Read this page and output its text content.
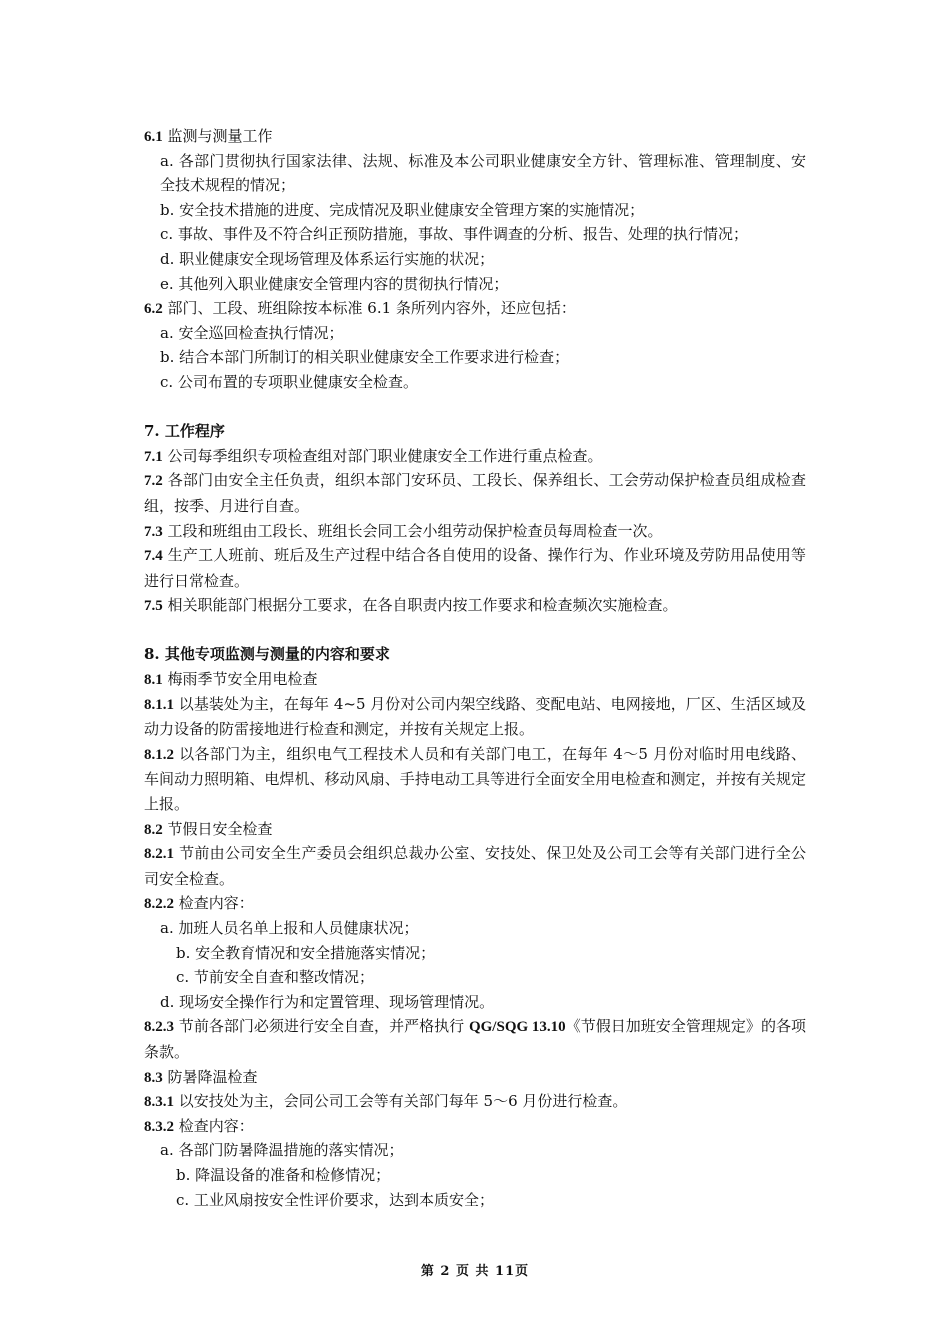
6.1 监测与测量工作
a. 各部门贯彻执行国家法律、法规、标准及本公司职业健康安全方针、管理标准、管理制度、安全技术规程的情况；
b. 安全技术措施的进度、完成情况及职业健康安全管理方案的实施情况；
c. 事故、事件及不符合纠正预防措施，事故、事件调查的分析、报告、处理的执行情况；
d. 职业健康安全现场管理及体系运行实施的状况；
e. 其他列入职业健康安全管理内容的贯彻执行情况；
6.2 部门、工段、班组除按本标准 6.1 条所列内容外，还应包括：
a. 安全巡回检查执行情况；
b. 结合本部门所制订的相关职业健康安全工作要求进行检查；
c. 公司布置的专项职业健康安全检查。
7. 工作程序
7.1 公司每季组织专项检查组对部门职业健康安全工作进行重点检查。
7.2 各部门由安全主任负责，组织本部门安环员、工段长、保养组长、工会劳动保护检查员组成检查组，按季、月进行自查。
7.3 工段和班组由工段长、班组长会同工会小组劳动保护检查员每周检查一次。
7.4 生产工人班前、班后及生产过程中结合各自使用的设备、操作行为、作业环境及劳防用品使用等进行日常检查。
7.5 相关职能部门根据分工要求，在各自职责内按工作要求和检查频次实施检查。
8. 其他专项监测与测量的内容和要求
8.1 梅雨季节安全用电检查
8.1.1 以基装处为主，在每年 4~5 月份对公司内架空线路、变配电站、电网接地，厂区、生活区域及动力设备的防雷接地进行检查和测定，并按有关规定上报。
8.1.2 以各部门为主，组织电气工程技术人员和有关部门电工，在每年 4～5 月份对临时用电线路、车间动力照明箱、电焊机、移动风扇、手持电动工具等进行全面安全用电检查和测定，并按有关规定上报。
8.2 节假日安全检查
8.2.1 节前由公司安全生产委员会组织总裁办公室、安技处、保卫处及公司工会等有关部门进行全公司安全检查。
8.2.2 检查内容：
a. 加班人员名单上报和人员健康状况；
b. 安全教育情况和安全措施落实情况；
c. 节前安全自查和整改情况；
d. 现场安全操作行为和定置管理、现场管理情况。
8.2.3 节前各部门必须进行安全自查，并严格执行 QG/SQG 13.10《节假日加班安全管理规定》的各项条款。
8.3 防暑降温检查
8.3.1 以安技处为主，会同公司工会等有关部门每年 5～6 月份进行检查。
8.3.2 检查内容：
a. 各部门防暑降温措施的落实情况；
b. 降温设备的准备和检修情况；
c. 工业风扇按安全性评价要求，达到本质安全；
第 2 页 共 11页
